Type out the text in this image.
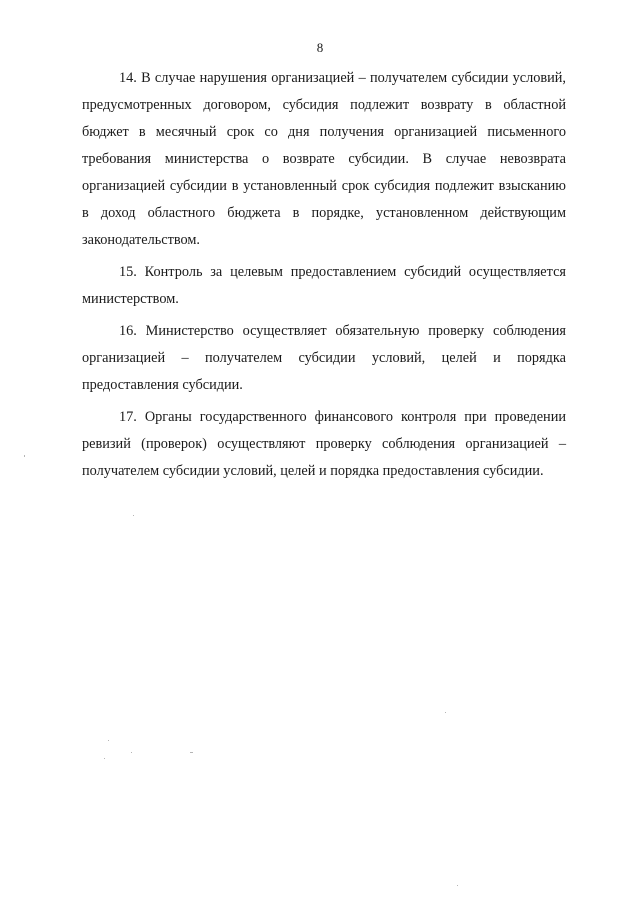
8

14. В случае нарушения организацией – получателем субсидии условий, предусмотренных договором, субсидия подлежит возврату в областной бюджет в месячный срок со дня получения организацией письменного требования министерства о возврате субсидии. В случае невозврата организацией субсидии в установленный срок субсидия подлежит взысканию в доход областного бюджета в порядке, установленном действующим законодательством.

15. Контроль за целевым предоставлением субсидий осуществляется министерством.

16. Министерство осуществляет обязательную проверку соблюдения организацией – получателем субсидии условий, целей и порядка предоставления субсидии.

17. Органы государственного финансового контроля при проведении ревизий (проверок) осуществляют проверку соблюдения организацией – получателем субсидии условий, целей и порядка предоставления субсидии.
